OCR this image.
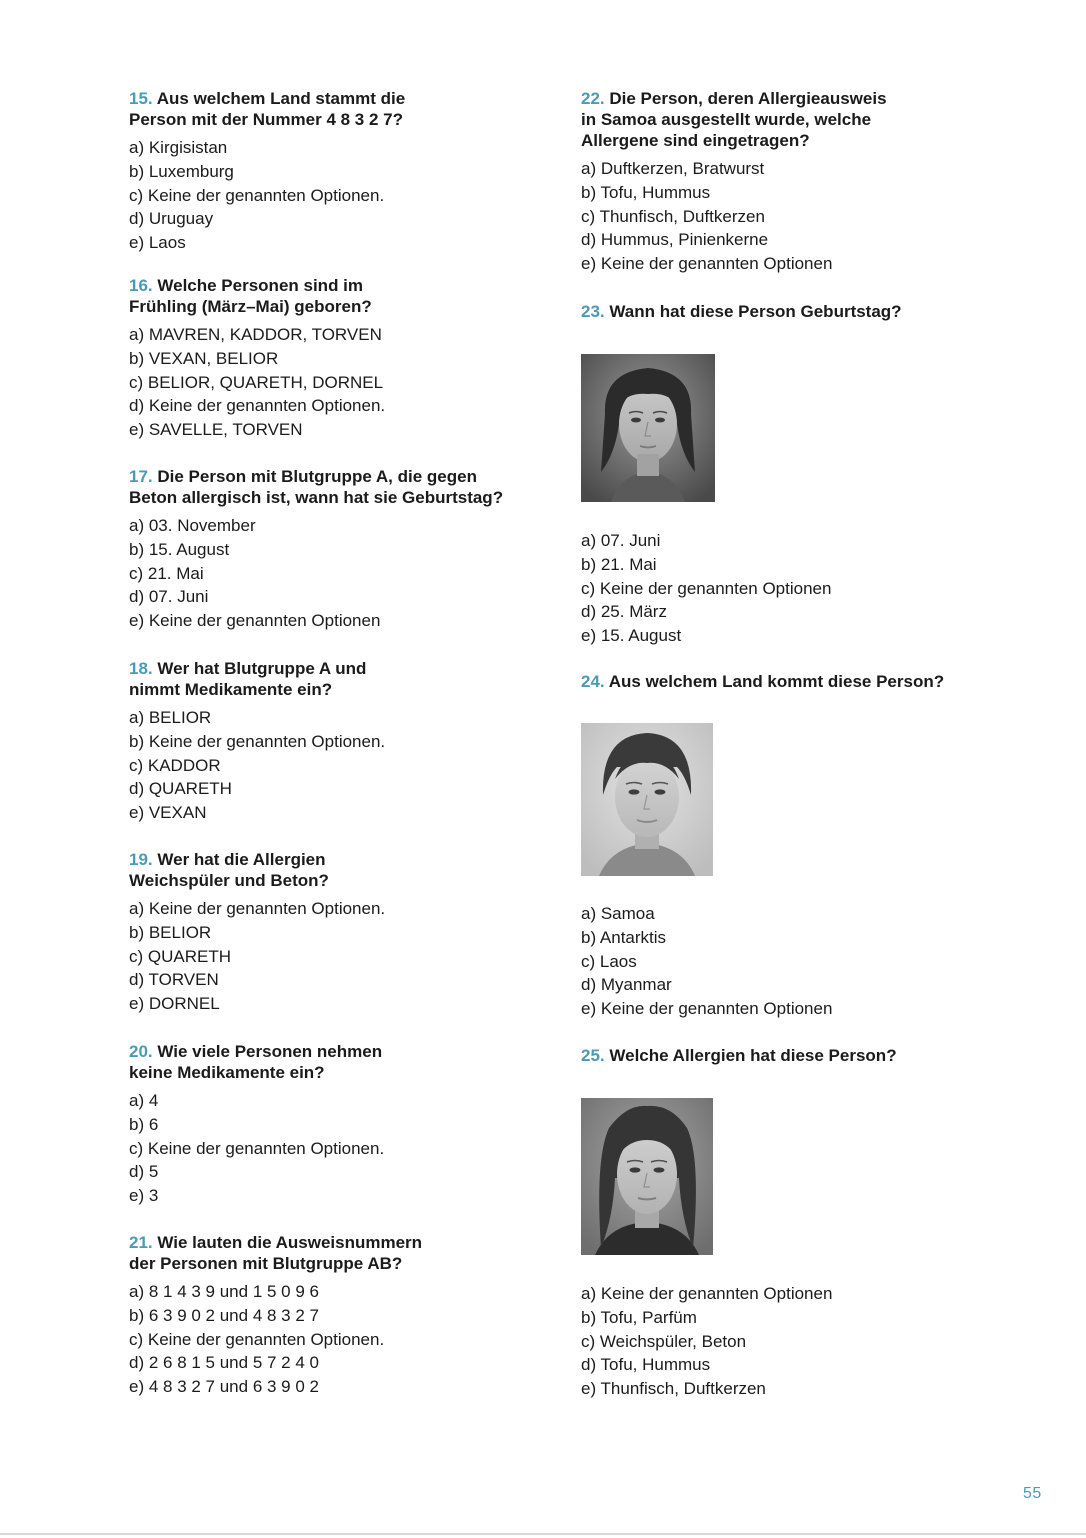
15. Aus welchem Land stammt die
Person mit der Nummer 4 8 3 2 7?

a) Kirgisistan
b) Luxemburg
c) Keine der genannten Optionen.
d) Uruguay
e) Laos

16. Welche Personen sind im
Frühling (März–Mai) geboren?

a) MAVREN, KADDOR, TORVEN
b) VEXAN, BELIOR
c) BELIOR, QUARETH, DORNEL
d) Keine der genannten Optionen.
e) SAVELLE, TORVEN

17. Die Person mit Blutgruppe A, die gegen
Beton allergisch ist, wann hat sie Geburtstag?

a) 03. November
b) 15. August
c) 21. Mai
d) 07. Juni
e) Keine der genannten Optionen

18. Wer hat Blutgruppe A und
nimmt Medikamente ein?

a) BELIOR
b) Keine der genannten Optionen.
c) KADDOR
d) QUARETH
e) VEXAN

19. Wer hat die Allergien
Weichspüler und Beton?

a) Keine der genannten Optionen.
b) BELIOR
c) QUARETH
d) TORVEN
e) DORNEL

20. Wie viele Personen nehmen
keine Medikamente ein?

a) 4
b) 6
c) Keine der genannten Optionen.
d) 5
e) 3

21. Wie lauten die Ausweisnummern
der Personen mit Blutgruppe AB?

a) 8 1 4 3 9 und 1 5 0 9 6
b) 6 3 9 0 2 und 4 8 3 2 7
c) Keine der genannten Optionen.
d) 2 6 8 1 5 und 5 7 2 4 0
e) 4 8 3 2 7 und 6 3 9 0 2

22. Die Person, deren Allergieausweis
in Samoa ausgestellt wurde, welche
Allergene sind eingetragen?

a) Duftkerzen, Bratwurst
b) Tofu, Hummus
c) Thunfisch, Duftkerzen
d) Hummus, Pinienkerne
e) Keine der genannten Optionen

23. Wann hat diese Person Geburtstag?

a) 07. Juni
b) 21. Mai
c) Keine der genannten Optionen
d) 25. März
e) 15. August

24. Aus welchem Land kommt diese Person?

a) Samoa
b) Antarktis
c) Laos
d) Myanmar
e) Keine der genannten Optionen

25. Welche Allergien hat diese Person?

a) Keine der genannten Optionen
b) Tofu, Parfüm
c) Weichspüler, Beton
d) Tofu, Hummus
e) Thunfisch, Duftkerzen
55
